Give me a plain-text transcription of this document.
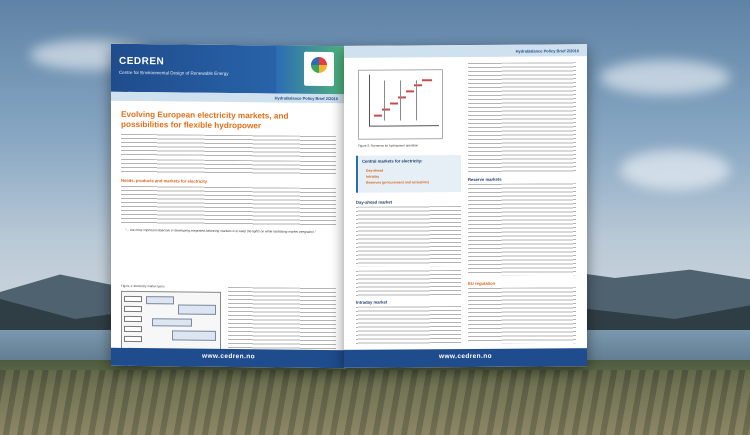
CEDREN
Centre for Environmental Design of Renewable Energy
HydroBalance Policy Brief 2/2016
Evolving European electricity markets, and possibilities for flexible hydropower
Needs, products and markets for electricity
"… the most important objective in developing integrated balancing markets is to keep the lights on while facilitating market integration."
Figure 1: Electricity market types
www.cedren.no
HydroBalance Policy Brief 2/2016
Figure 2: Scenarios for hydropower operation
Central markets for electricity:
Day-ahead
Intraday
Reserves (procurement and activation)
Day-ahead market
Intraday market
Reserve markets
EU regulation
www.cedren.no
